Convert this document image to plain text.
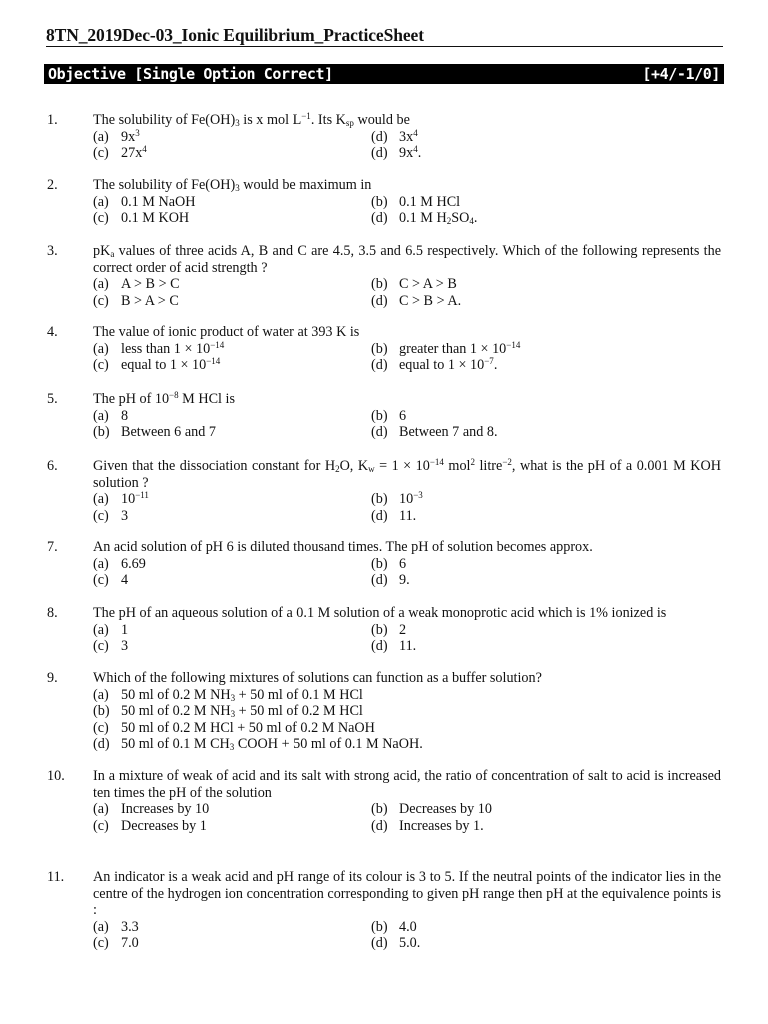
8TN_2019Dec-03_Ionic Equilibrium_PracticeSheet
Objective [Single Option Correct]	[+4/-1/0]
1. The solubility of $Fe(OH)_3$ is x mol $L^{-1}$. Its $K_{sp}$ would be
(a) $9x^3$	(d) $3x^4$
(c) $27x^4$	(d) $9x^4$.
2. The solubility of $Fe(OH)_3$ would be maximum in
(a) 0.1 M NaOH	(b) 0.1 M HCl
(c) 0.1 M KOH	(d) 0.1 M $H_2SO_4$.
3. $pK_a$ values of three acids A, B and C are 4.5, 3.5 and 6.5 respectively. Which of the following represents the correct order of acid strength ?
(a) A > B > C	(b) C > A > B
(c) B > A > C	(d) C > B > A.
4. The value of ionic product of water at 393 K is
(a) less than $1 \times 10^{-14}$	(b) greater than $1 \times 10^{-14}$
(c) equal to $1 \times 10^{-14}$	(d) equal to $1 \times 10^{-7}$.
5. The pH of $10^{-8}$ M HCl is
(a) 8	(b) 6
(b) Between 6 and 7	(d) Between 7 and 8.
6. Given that the dissociation constant for $H_2O$, $K_w = 1 \times 10^{-14}$ mol$^2$ litre$^{-2}$, what is the pH of a 0.001 M KOH solution ?
(a) $10^{-11}$	(b) $10^{-3}$
(c) 3	(d) 11.
7. An acid solution of pH 6 is diluted thousand times. The pH of solution becomes approx.
(a) 6.69	(b) 6
(c) 4	(d) 9.
8. The pH of an aqueous solution of a 0.1 M solution of a weak monoprotic acid which is 1% ionized is
(a) 1	(b) 2
(c) 3	(d) 11.
9. Which of the following mixtures of solutions can function as a buffer solution?
(a) 50 ml of 0.2 M $NH_3 + 50$ ml of 0.1 M HCl
(b) 50 ml of 0.2 M $NH_3 + 50$ ml of 0.2 M HCl
(c) 50 ml of 0.2 M HCl + 50 ml of 0.2 M NaOH
(d) 50 ml of 0.1 M $CH_3$ COOH + 50 ml of 0.1 M NaOH.
10. In a mixture of weak of acid and its salt with strong acid, the ratio of concentration of salt to acid is increased ten times the pH of the solution
(a) Increases by 10	(b) Decreases by 10
(c) Decreases by 1	(d) Increases by 1.
11. An indicator is a weak acid and pH range of its colour is 3 to 5. If the neutral points of the indicator lies in the centre of the hydrogen ion concentration corresponding to given pH range then pH at the equivalence points is :
(a) 3.3	(b) 4.0
(c) 7.0	(d) 5.0.
